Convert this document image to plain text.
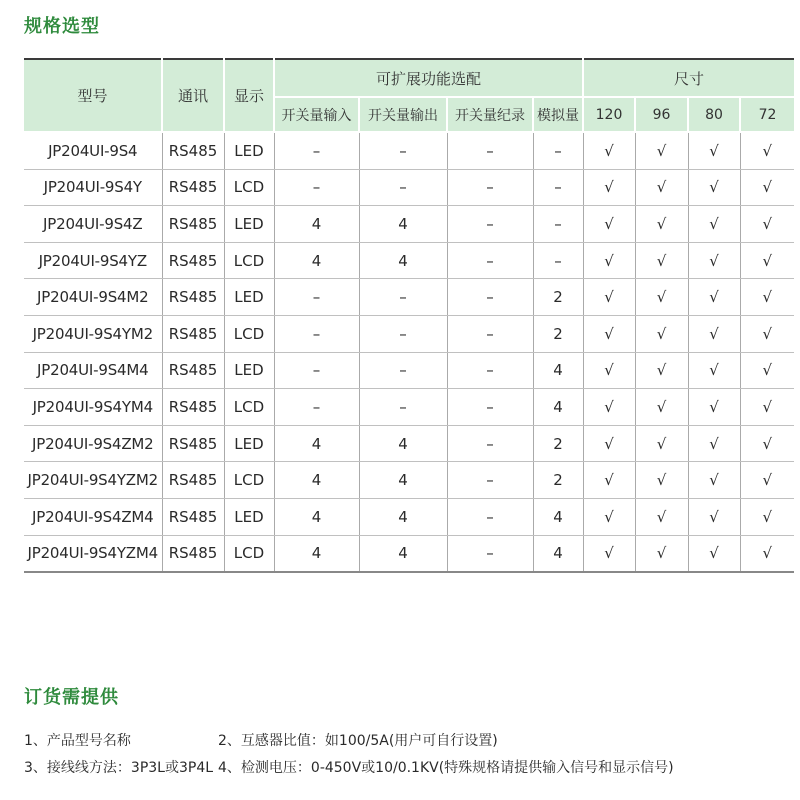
规格选型
型号	通讯	显示	可扩展功能选配				尺寸			
			开关量输入	开关量输出	开关量纪录	模拟量	120	96	80	72
JP204UI-9S4	RS485	LED	–	–	–	–	√	√	√	√
JP204UI-9S4Y	RS485	LCD	–	–	–	–	√	√	√	√
JP204UI-9S4Z	RS485	LED	4	4	–	–	√	√	√	√
JP204UI-9S4YZ	RS485	LCD	4	4	–	–	√	√	√	√
JP204UI-9S4M2	RS485	LED	–	–	–	2	√	√	√	√
JP204UI-9S4YM2	RS485	LCD	–	–	–	2	√	√	√	√
JP204UI-9S4M4	RS485	LED	–	–	–	4	√	√	√	√
JP204UI-9S4YM4	RS485	LCD	–	–	–	4	√	√	√	√
JP204UI-9S4ZM2	RS485	LED	4	4	–	2	√	√	√	√
JP204UI-9S4YZM2	RS485	LCD	4	4	–	2	√	√	√	√
JP204UI-9S4ZM4	RS485	LED	4	4	–	4	√	√	√	√
JP204UI-9S4YZM4	RS485	LCD	4	4	–	4	√	√	√	√
订货需提供
1、产品型号名称	2、互感器比值：如100/5A(用户可自行设置)
3、接线线方法：3P3L或3P4L 4、检测电压：0-450V或10/0.1KV(特殊规格请提供输入信号和显示信号)
